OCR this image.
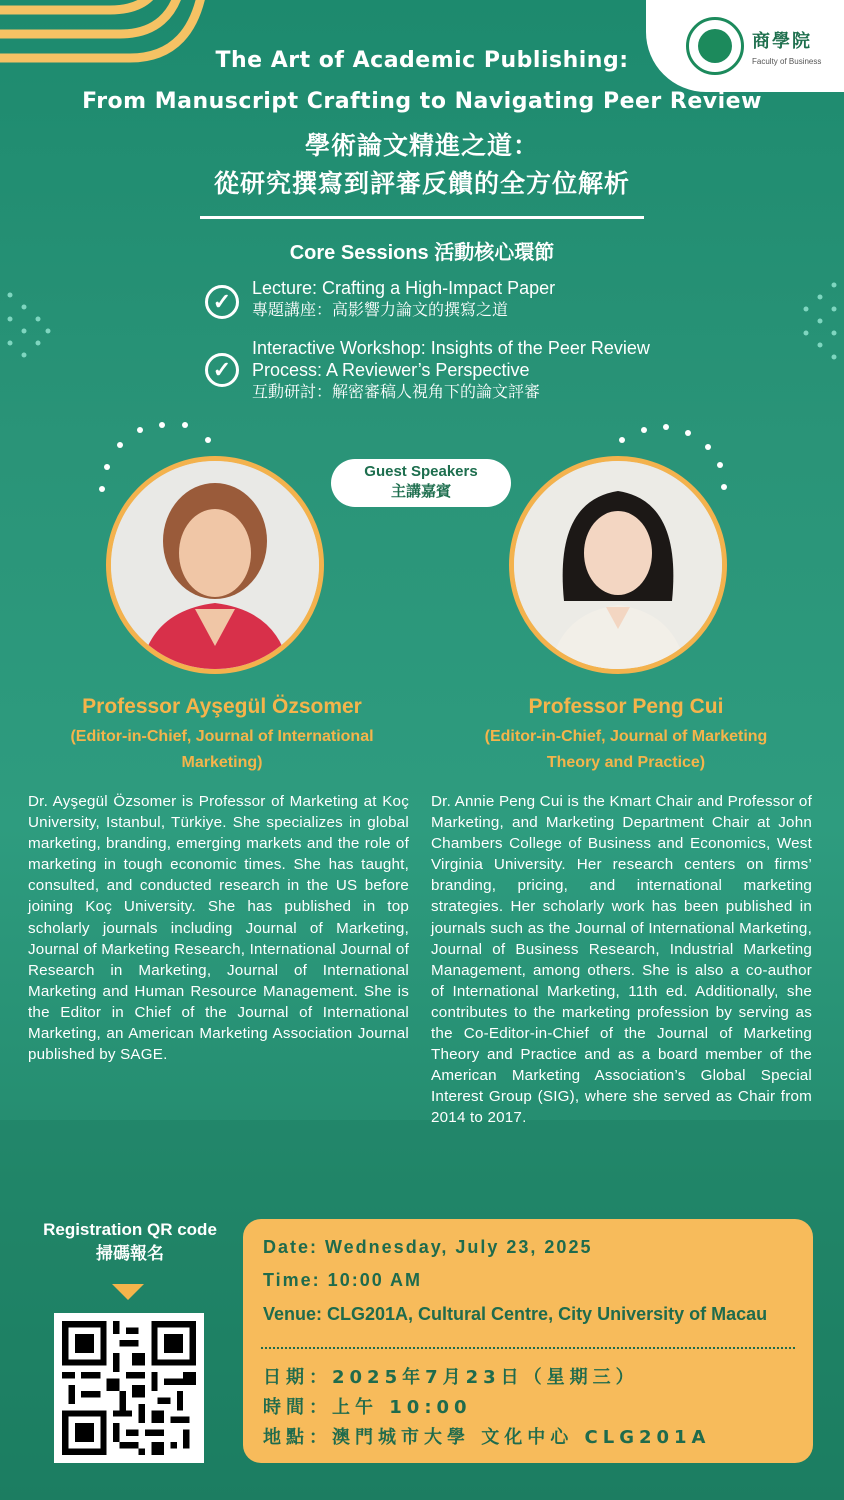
商學院
Faculty of Business
The Art of Academic Publishing:
From Manuscript Crafting to Navigating Peer Review
學術論文精進之道：
從研究撰寫到評審反饋的全方位解析
Core Sessions 活動核心環節
✓
Lecture: Crafting a High-Impact Paper
專題講座：高影響力論文的撰寫之道
✓
Interactive Workshop: Insights of the Peer Review
Process: A Reviewer’s Perspective
互動研討：解密審稿人視角下的論文評審
Guest Speakers
主講嘉賓
Professor Ayşegül Özsomer
(Editor-in-Chief, Journal of International
Marketing)
Professor Peng Cui
(Editor-in-Chief, Journal of Marketing
Theory and Practice)
Dr. Ayşegül Özsomer is Professor of Marketing at Koç University, Istanbul, Türkiye. She specializes in global marketing, branding, emerging markets and the role of marketing in tough economic times. She has taught, consulted, and conducted research in the US before joining Koç University. She has published in top scholarly journals including Journal of Marketing, Journal of Marketing Research, International Journal of Research in Marketing, Journal of International Marketing and Human Resource Management. She is the Editor in Chief of the Journal of International Marketing, an American Marketing Association Journal published by SAGE.
Dr. Annie Peng Cui is the Kmart Chair and Professor of Marketing, and Marketing Department Chair at John Chambers College of Business and Economics, West Virginia University. Her research centers on firms’ branding, pricing, and international marketing strategies. Her scholarly work has been published in journals such as the Journal of International Marketing, Journal of Business Research, Industrial Marketing Management, among others. She is also a co-author of International Marketing, 11th ed. Additionally, she contributes to the marketing profession by serving as the Co-Editor-in-Chief of the Journal of Marketing Theory and Practice and as a board member of the American Marketing Association’s Global Special Interest Group (SIG), where she served as Chair from 2014 to 2017.
Registration QR code
掃碼報名	Date: Wednesday, July 23, 2025
Time: 10:00 AM
Venue: CLG201A, Cultural Centre, City University of Macau
日期：2025年7月23日（星期三）
時間：上午 10:00
地點：澳門城市大學 文化中心 CLG201A
